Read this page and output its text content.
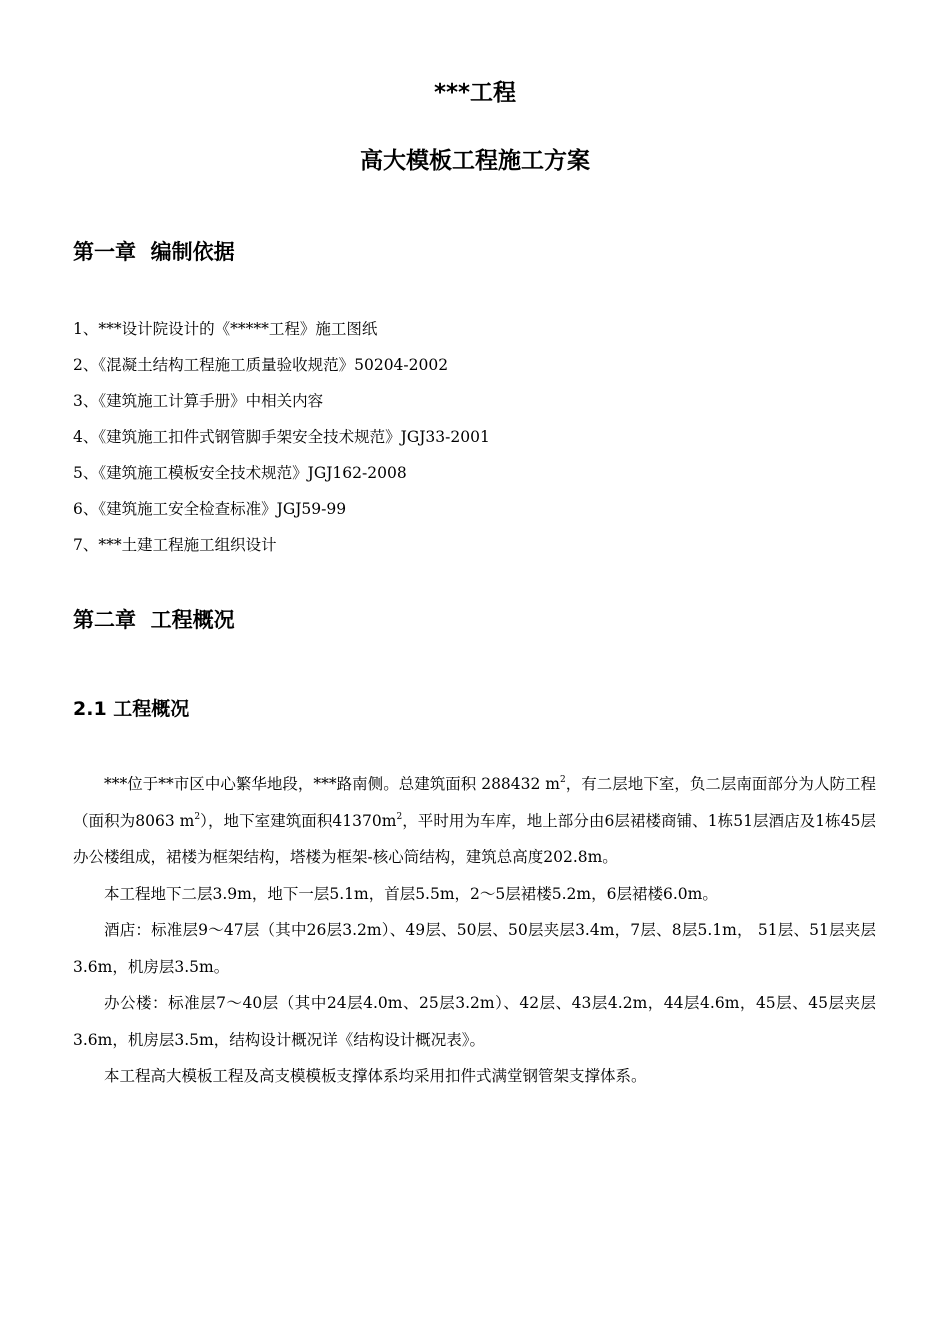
***工程
高大模板工程施工方案
第一章  编制依据
1、***设计院设计的《*****工程》施工图纸
2、《混凝土结构工程施工质量验收规范》50204-2002
3、《建筑施工计算手册》中相关内容
4、《建筑施工扣件式钢管脚手架安全技术规范》JGJ33-2001
5、《建筑施工模板安全技术规范》JGJ162-2008
6、《建筑施工安全检查标准》JGJ59-99
7、***土建工程施工组织设计
第二章  工程概况
2.1 工程概况

***位于**市区中心繁华地段，***路南侧。总建筑面积 288432 $m^2$，有二层地下室，负二层南面部分为人防工程（面积为8063 $m^2$），地下室建筑面积$41370m^2$，平时用为车库，地上部分由6层裙楼商铺、1栋51层酒店及1栋45层办公楼组成，裙楼为框架结构，塔楼为框架-核心筒结构，建筑总高度202.8m。

本工程地下二层3.9m，地下一层5.1m，首层5.5m，2～5层裙楼5.2m，6层裙楼6.0m。

酒店：标准层9～47层（其中26层3.2m）、49层、50层、50层夹层3.4m，7层、8层5.1m， 51层、51层夹层3.6m，机房层3.5m。

办公楼：标准层7～40层（其中24层4.0m、25层3.2m）、42层、43层4.2m，44层4.6m，45层、45层夹层3.6m，机房层3.5m，结构设计概况详《结构设计概况表》。

本工程高大模板工程及高支模模板支撑体系均采用扣件式满堂钢管架支撑体系。
